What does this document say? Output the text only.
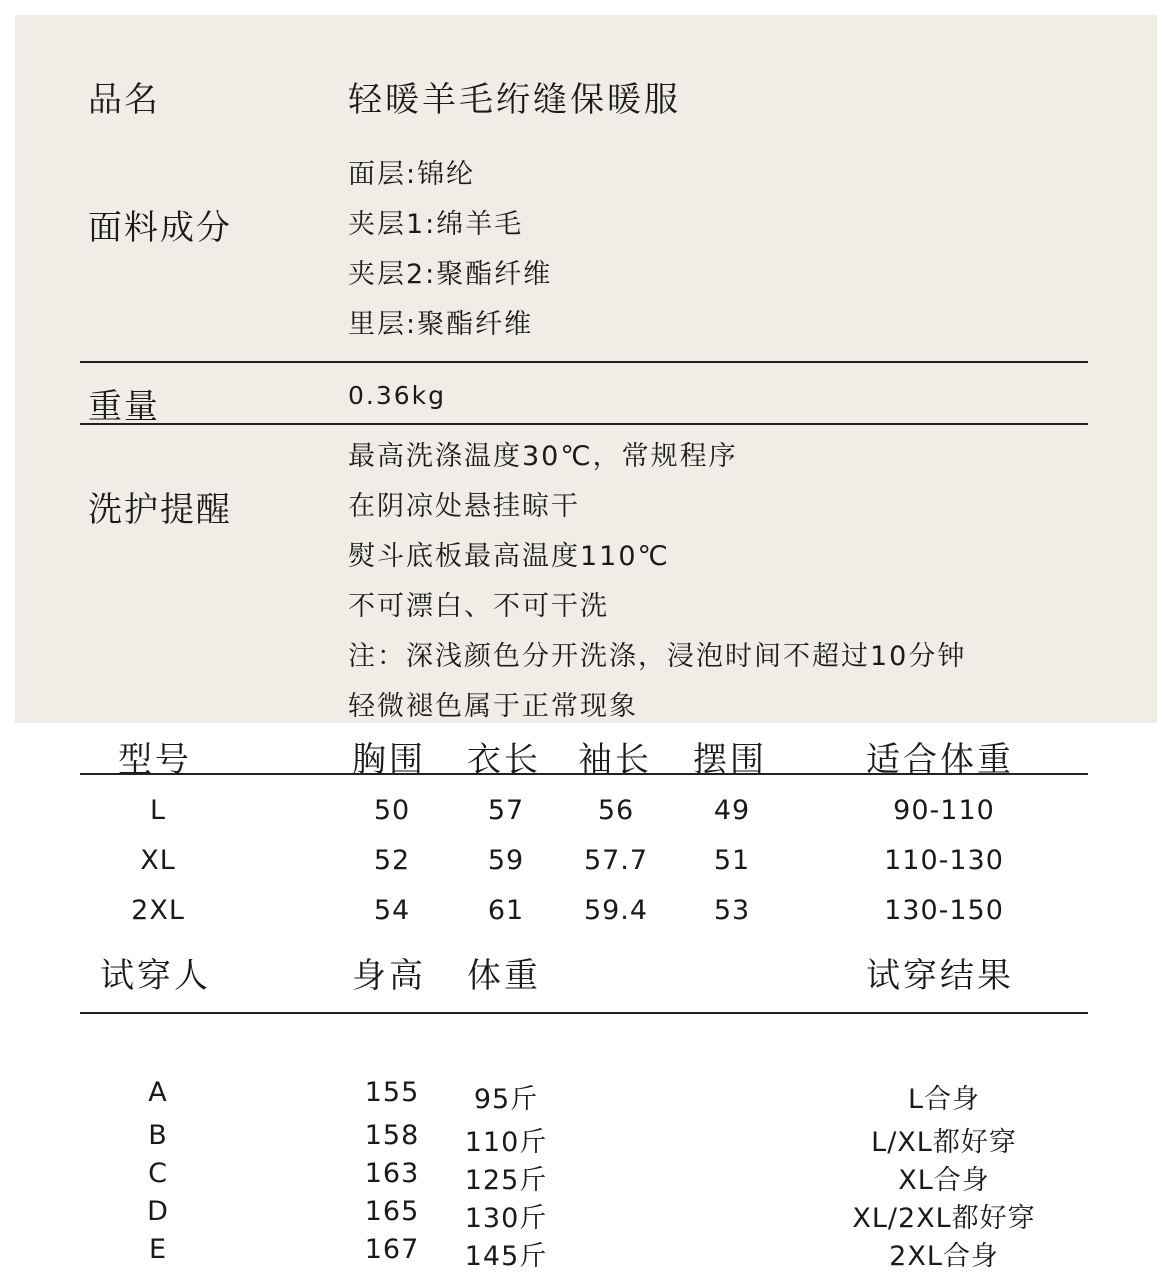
品名	轻暖羊毛绗缝保暖服
面料成分
面层:锦纶
夹层1:绵羊毛
夹层2:聚酯纤维
里层:聚酯纤维
重量	0.36kg
洗护提醒
最高洗涤温度30℃，常规程序
在阴凉处悬挂晾干
熨斗底板最高温度110℃
不可漂白、不可干洗
注：深浅颜色分开洗涤，浸泡时间不超过10分钟
轻微褪色属于正常现象
型号	胸围 衣长 袖长 摆围	适合体重
L	50	57	56	49	90-110
XL	52	59 57.7 51	110-130
2XL	54	61 59.4 53	130-150
试穿人	身高 体重	试穿结果
A	155 95斤	L合身
B	158 110斤	L/XL都好穿
C	163 125斤	XL合身
D	165 130斤	XL/2XL都好穿
E	167 145斤	2XL合身
